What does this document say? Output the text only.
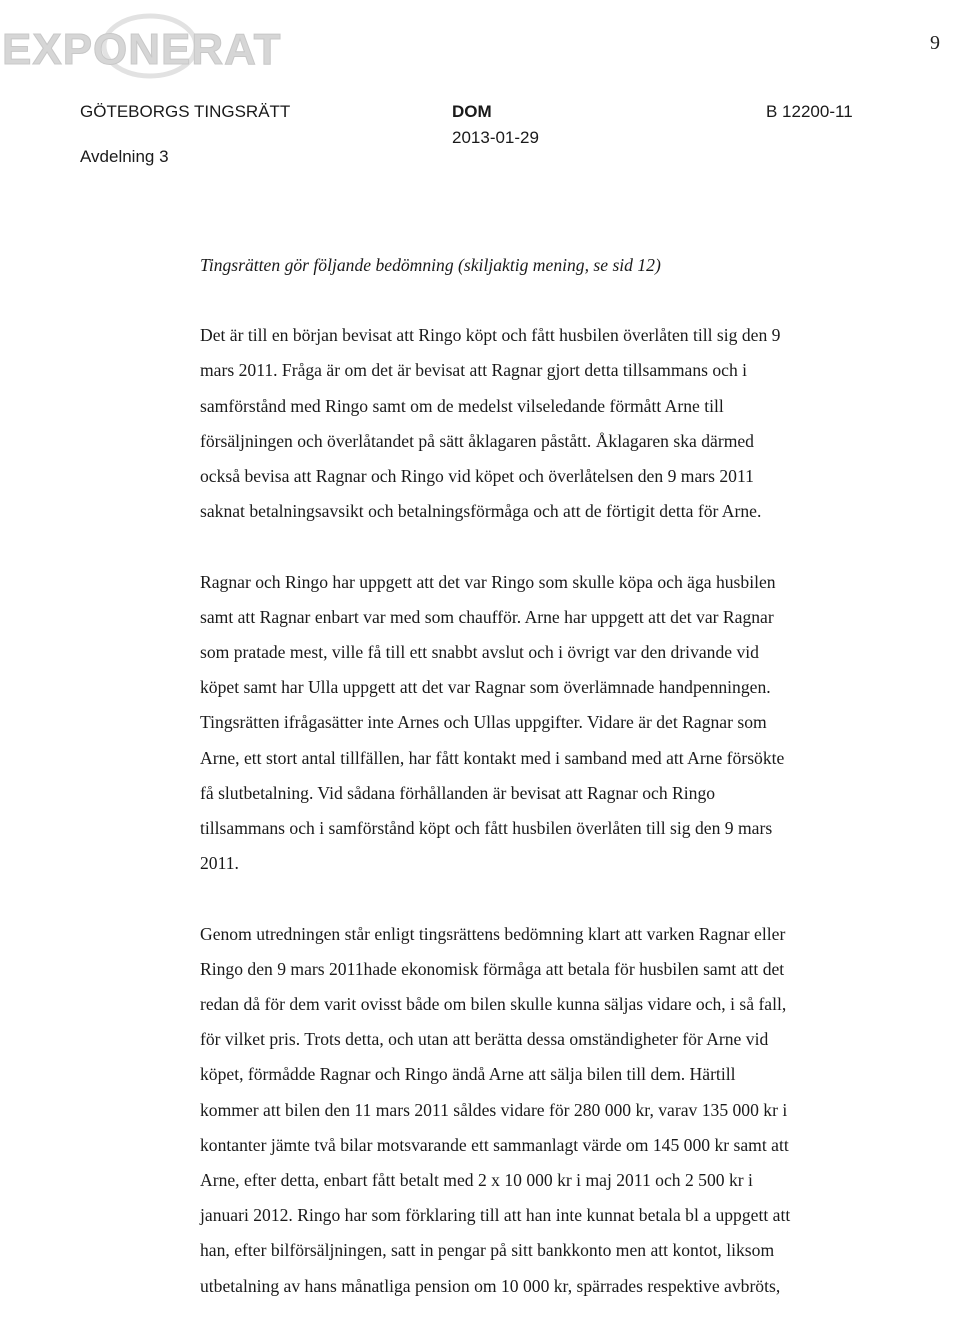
EXPONERAT	9
GÖTEBORGS TINGSRÄTT
Avdelning 3
DOM
2013-01-29
B 12200-11
Tingsrätten gör följande bedömning (skiljaktig mening, se sid 12)
Det är till en början bevisat att Ringo köpt och fått husbilen överlåten till sig den 9
mars 2011. Fråga är om det är bevisat att Ragnar gjort detta tillsammans och i
samförstånd med Ringo samt om de medelst vilseledande förmått Arne till
försäljningen och överlåtandet på sätt åklagaren påstått. Åklagaren ska därmed
också bevisa att Ragnar och Ringo vid köpet och överlåtelsen den 9 mars 2011
saknat betalningsavsikt och betalningsförmåga och att de förtigit detta för Arne.
Ragnar och Ringo har uppgett att det var Ringo som skulle köpa och äga husbilen
samt att Ragnar enbart var med som chaufför. Arne har uppgett att det var Ragnar
som pratade mest, ville få till ett snabbt avslut och i övrigt var den drivande vid
köpet samt har Ulla uppgett att det var Ragnar som överlämnade handpenningen.
Tingsrätten ifrågasätter inte Arnes och Ullas uppgifter. Vidare är det Ragnar som
Arne, ett stort antal tillfällen, har fått kontakt med i samband med att Arne försökte
få slutbetalning. Vid sådana förhållanden är bevisat att Ragnar och Ringo
tillsammans och i samförstånd köpt och fått husbilen överlåten till sig den 9 mars
2011.
Genom utredningen står enligt tingsrättens bedömning klart att varken Ragnar eller
Ringo den 9 mars 2011hade ekonomisk förmåga att betala för husbilen samt att det
redan då för dem varit ovisst både om bilen skulle kunna säljas vidare och, i så fall,
för vilket pris. Trots detta, och utan att berätta dessa omständigheter för Arne vid
köpet, förmådde Ragnar och Ringo ändå Arne att sälja bilen till dem. Härtill
kommer att bilen den 11 mars 2011 såldes vidare för 280 000 kr, varav 135 000 kr i
kontanter jämte två bilar motsvarande ett sammanlagt värde om 145 000 kr samt att
Arne, efter detta, enbart fått betalt med 2 x 10 000 kr i maj 2011 och 2 500 kr i
januari 2012. Ringo har som förklaring till att han inte kunnat betala bl a uppgett att
han, efter bilförsäljningen, satt in pengar på sitt bankkonto men att kontot, liksom
utbetalning av hans månatliga pension om 10 000 kr, spärrades respektive avbröts,
